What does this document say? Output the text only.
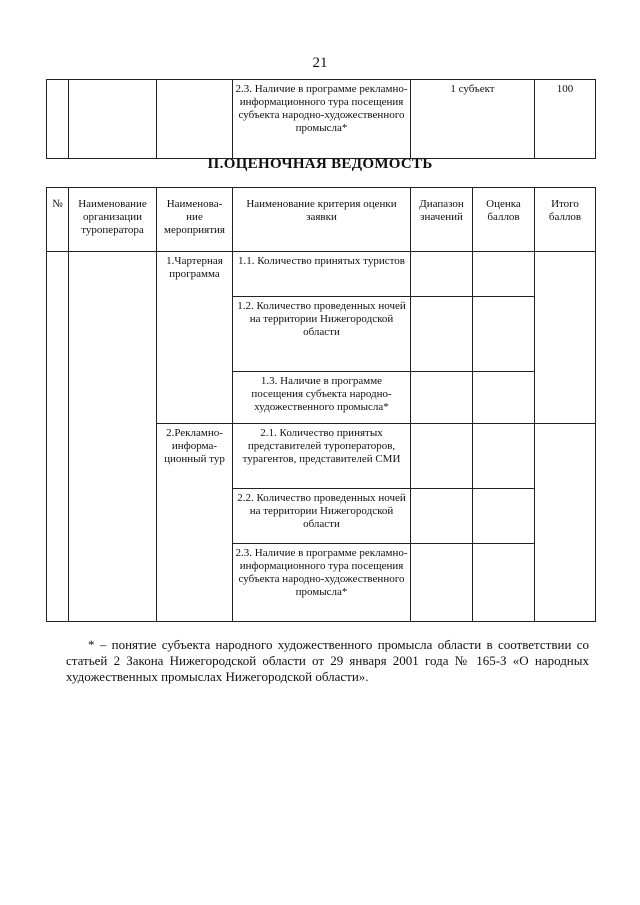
21
			2.3. Наличие в программе рекламно-информационного тура посещения субъекта народно-художественного промысла*	1 субъект	100
II.ОЦЕНОЧНАЯ ВЕДОМОСТЬ
№	Наименование организации туроператора	Наименова-ние мероприятия	Наименование критерия оценки заявки	Диапазон значений	Оценка баллов	Итого баллов
		1.Чартерная программа	1.1. Количество принятых туристов			
			1.2. Количество проведенных ночей на территории Нижегородской области			
			1.3. Наличие в программе посещения субъекта народно-художественного промысла*			
		2.Рекламно-информа-ционный тур	2.1. Количество принятых представителей туроператоров, турагентов, представителей СМИ			
			2.2. Количество проведенных ночей на территории Нижегородской области			
			2.3. Наличие в программе рекламно-информационного тура посещения субъекта народно-художественного промысла*			

* – понятие субъекта народного художественного промысла области в соответствии со статьей 2 Закона Нижегородской области от 29 января 2001 года № 165-З «О народных художественных промыслах Нижегородской области».
